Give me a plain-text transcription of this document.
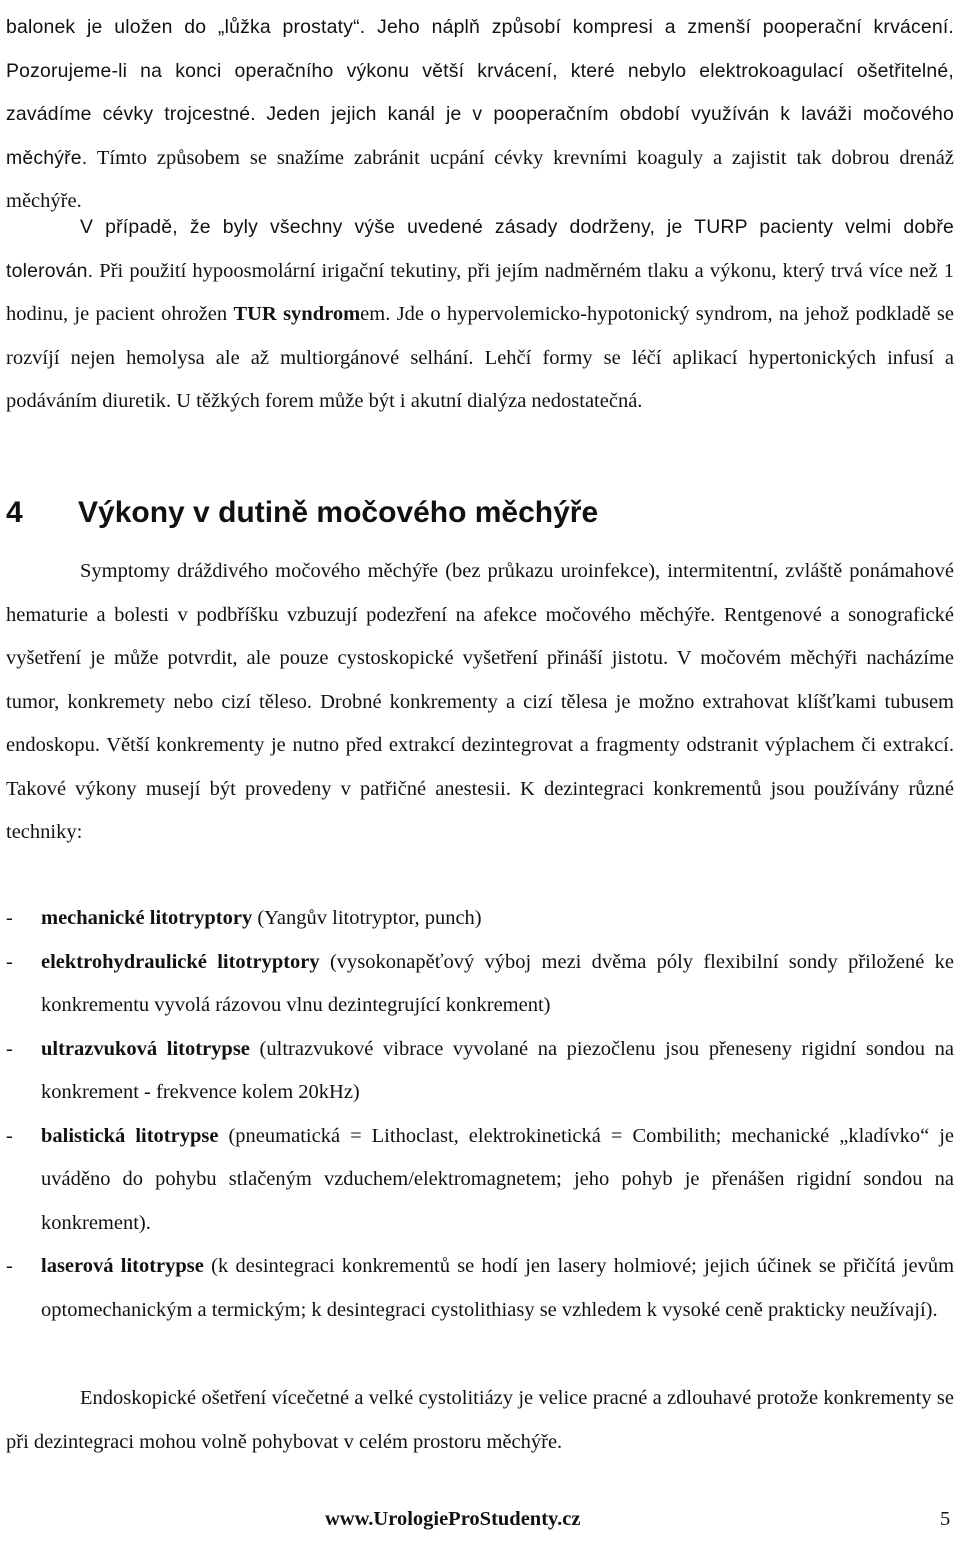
balonek je uložen do „lůžka prostaty“. Jeho náplň způsobí kompresi a zmenší pooperační krvácení. Pozorujeme-li na konci operačního výkonu větší krvácení, které nebylo elektrokoagulací ošetřitelné, zavádíme cévky trojcestné. Jeden jejich kanál je v pooperačním období využíván k laváži močového měchýře. Tímto způsobem se snažíme zabránit ucpání cévky krevními koaguly a zajistit tak dobrou drenáž měchýře.

V případě, že byly všechny výše uvedené zásady dodrženy, je TURP pacienty velmi dobře tolerován. Při použití hypoosmolární irigační tekutiny, při jejím nadměrném tlaku a výkonu, který trvá více než 1 hodinu, je pacient ohrožen TUR syndromem. Jde o hypervolemicko-hypotonický syndrom, na jehož podkladě se rozvíjí nejen hemolysa ale až multiorgánové selhání. Lehčí formy se léčí aplikací hypertonických infusí a podáváním diuretik. U těžkých forem může být i akutní dialýza nedostatečná.

4 Výkony v dutině močového měchýře

Symptomy dráždivého močového měchýře (bez průkazu uroinfekce), intermitentní, zvláště ponámahové hematurie a bolesti v podbříšku vzbuzují podezření na afekce močového měchýře. Rentgenové a sonografické vyšetření je může potvrdit, ale pouze cystoskopické vyšetření přináší jistotu. V močovém měchýři nacházíme tumor, konkremety nebo cizí těleso. Drobné konkrementy a cizí tělesa je možno extrahovat klíšťkami tubusem endoskopu. Větší konkrementy je nutno před extrakcí dezintegrovat a fragmenty odstranit výplachem či extrakcí. Takové výkony musejí být provedeny v patřičné anestesii. K dezintegraci konkrementů jsou používány různé techniky:

- mechanické litotryptory (Yangův litotryptor, punch)
- elektrohydraulické litotryptory (vysokonapěťový výboj mezi dvěma póly flexibilní sondy přiložené ke konkrementu vyvolá rázovou vlnu dezintegrující konkrement)
- ultrazvuková litotrypse (ultrazvukové vibrace vyvolané na piezočlenu jsou přeneseny rigidní sondou na konkrement - frekvence kolem 20kHz)
- balistická litotrypse (pneumatická = Lithoclast, elektrokinetická = Combilith; mechanické „kladívko“ je uváděno do pohybu stlačeným vzduchem/elektromagnetem; jeho pohyb je přenášen rigidní sondou na konkrement).
- laserová litotrypse (k desintegraci konkrementů se hodí jen lasery holmiové; jejich účinek se přičítá jevům optomechanickým a termickým; k desintegraci cystolithiasy se vzhledem k vysoké ceně prakticky neužívají).

Endoskopické ošetření vícečetné a velké cystolitiázy je velice pracné a zdlouhavé protože konkrementy se při dezintegraci mohou volně pohybovat v celém prostoru měchýře.

www.UrologieProStudenty.cz	5
